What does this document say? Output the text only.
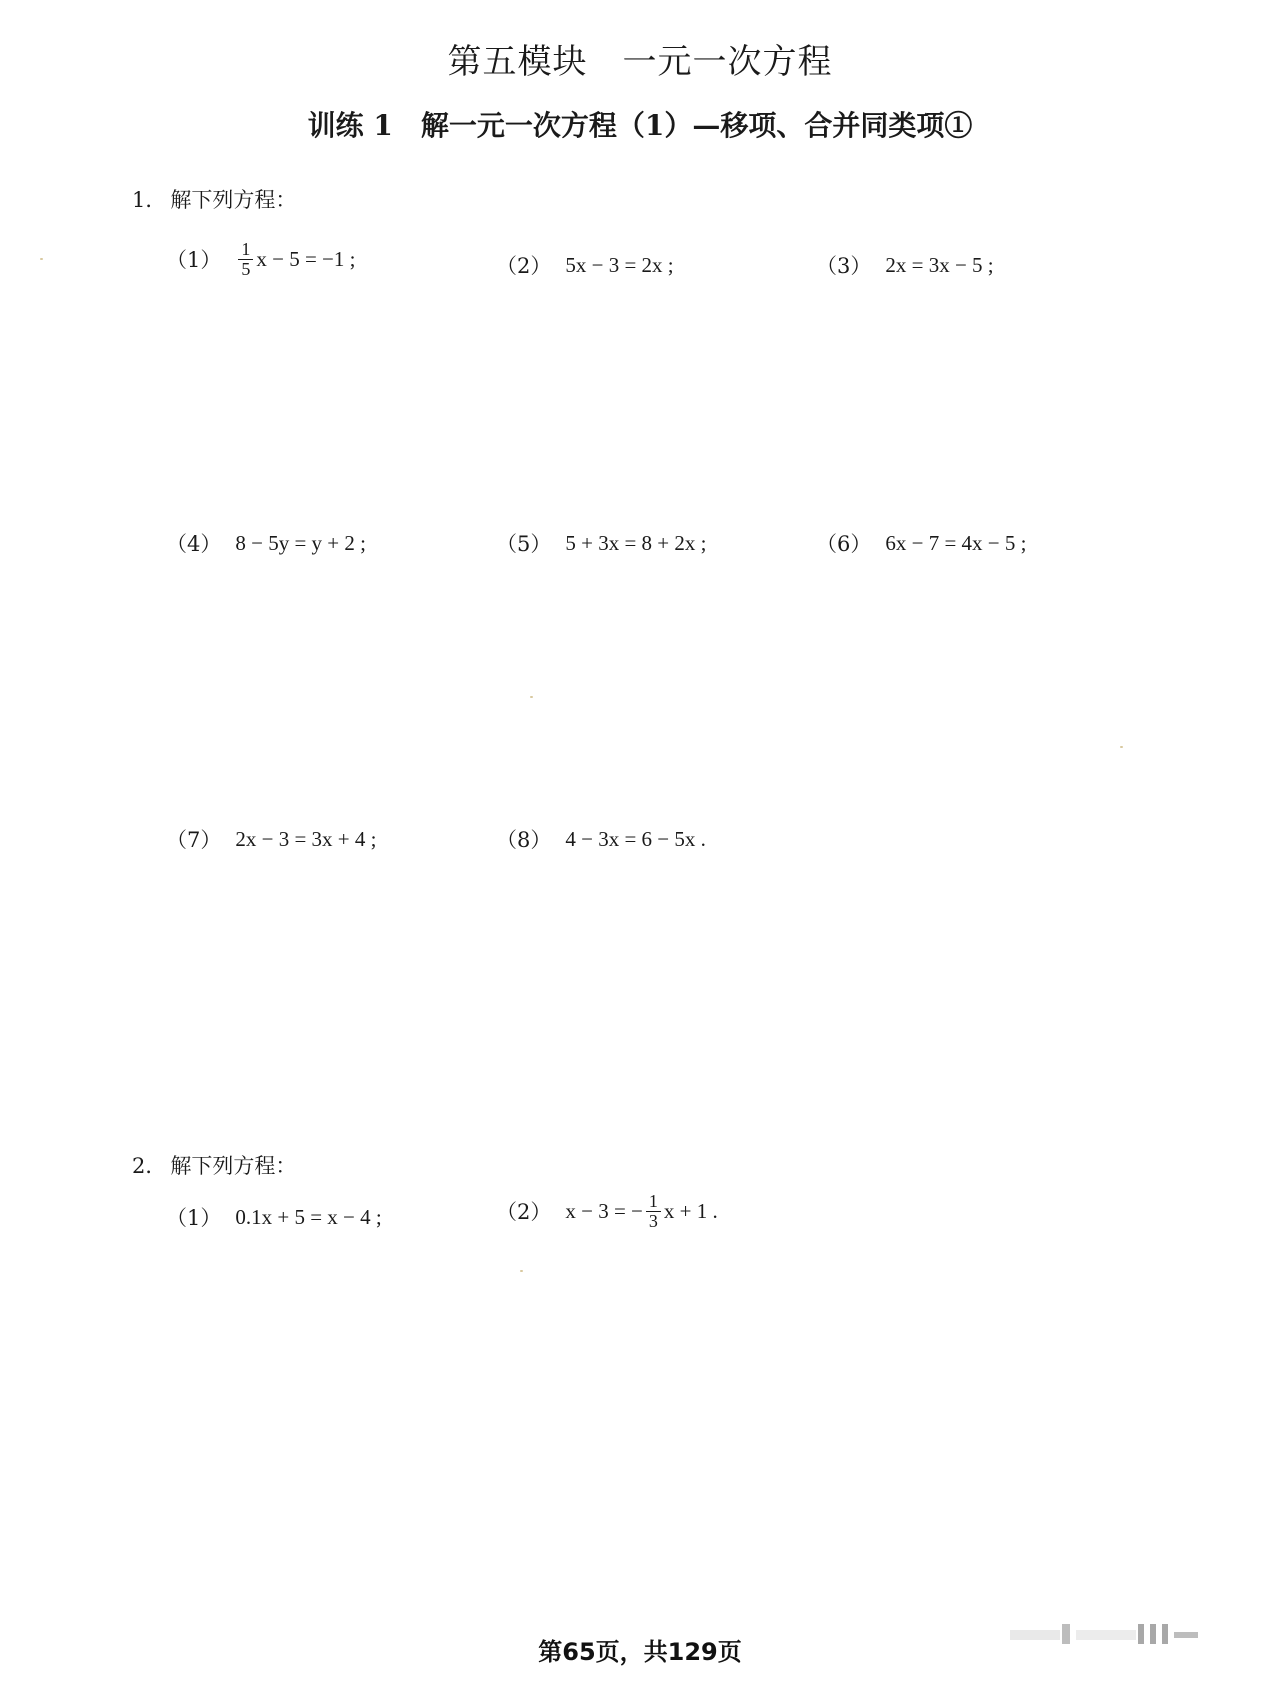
第五模块　一元一次方程
训练 1　解一元一次方程（1）—移项、合并同类项①
1． 解下列方程：
$(1) \frac{1}{5}$ x − 5 = −1 ;	（2） 5x − 3 = 2x ;	（3） 2x = 3x − 5 ;
（4） 8 − 5y = y + 2 ;	（5） 5 + 3x = 8 + 2x ;	（6） 6x − 7 = 4x − 5 ;
（7） 2x − 3 = 3x + 4 ;	（8） 4 − 3x = 6 − 5x .
2． 解下列方程：
（1） 0.1x + 5 = x − 4 ;	（2） x − 3 = − $\frac{1}{3}$ x + 1 .
第65页，共129页
